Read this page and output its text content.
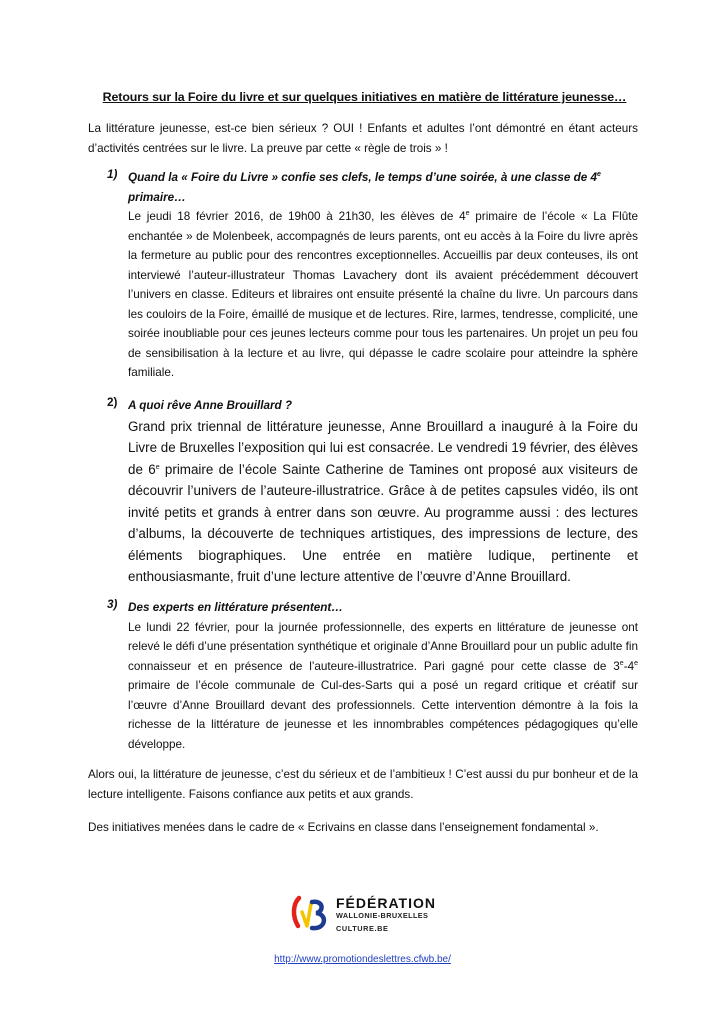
Retours sur la Foire du livre et sur quelques initiatives en matière de littérature jeunesse…
La littérature jeunesse, est-ce bien sérieux ? OUI ! Enfants et adultes l’ont démontré en étant acteurs d’activités centrées sur le livre. La preuve par cette « règle de trois » !
1) Quand la « Foire du Livre » confie ses clefs, le temps d’une soirée, à une classe de 4e
primaire…
Le jeudi 18 février 2016, de 19h00 à 21h30, les élèves de 4e primaire de l’école « La Flûte enchantée » de Molenbeek, accompagnés de leurs parents, ont eu accès à la Foire du livre après la fermeture au public pour des rencontres exceptionnelles. Accueillis par deux conteuses, ils ont interviewé l’auteur-illustrateur Thomas Lavachery dont ils avaient précédemment découvert l’univers en classe. Editeurs et libraires ont ensuite présenté la chaîne du livre. Un parcours dans les couloirs de la Foire, émaillé de musique et de lectures. Rire, larmes, tendresse, complicité, une soirée inoubliable pour ces jeunes lecteurs comme pour tous les partenaires. Un projet un peu fou de sensibilisation à la lecture et au livre, qui dépasse le cadre scolaire pour atteindre la sphère familiale.
2) A quoi rêve Anne Brouillard ?
Grand prix triennal de littérature jeunesse, Anne Brouillard a inauguré à la Foire du Livre de Bruxelles l’exposition qui lui est consacrée. Le vendredi 19 février, des élèves de 6e primaire de l’école Sainte Catherine de Tamines ont proposé aux visiteurs de découvrir l’univers de l’auteure-illustratrice. Grâce à de petites capsules vidéo, ils ont invité petits et grands à entrer dans son œuvre. Au programme aussi : des lectures d’albums, la découverte de techniques artistiques, des impressions de lecture, des éléments biographiques. Une entrée en matière ludique, pertinente et enthousiasmante, fruit d’une lecture attentive de l’œuvre d’Anne Brouillard.
3) Des experts en littérature présentent…
Le lundi 22 février, pour la journée professionnelle, des experts en littérature de jeunesse ont relevé le défi d’une présentation synthétique et originale d’Anne Brouillard pour un public adulte fin connaisseur et en présence de l’auteure-illustratrice. Pari gagné pour cette classe de 3e-4e primaire de l’école communale de Cul-des-Sarts qui a posé un regard critique et créatif sur l’œuvre d’Anne Brouillard devant des professionnels. Cette intervention démontre à la fois la richesse de la littérature de jeunesse et les innombrables compétences pédagogiques qu’elle développe.
Alors oui, la littérature de jeunesse, c’est du sérieux et de l’ambitieux ! C’est aussi du pur bonheur et de la lecture intelligente. Faisons confiance aux petits et aux grands.
Des initiatives menées dans le cadre de « Ecrivains en classe dans l’enseignement fondamental ».
FÉDÉRATION
WALLONIE-BRUXELLES
CULTURE.BE
http://www.promotiondeslettres.cfwb.be/
